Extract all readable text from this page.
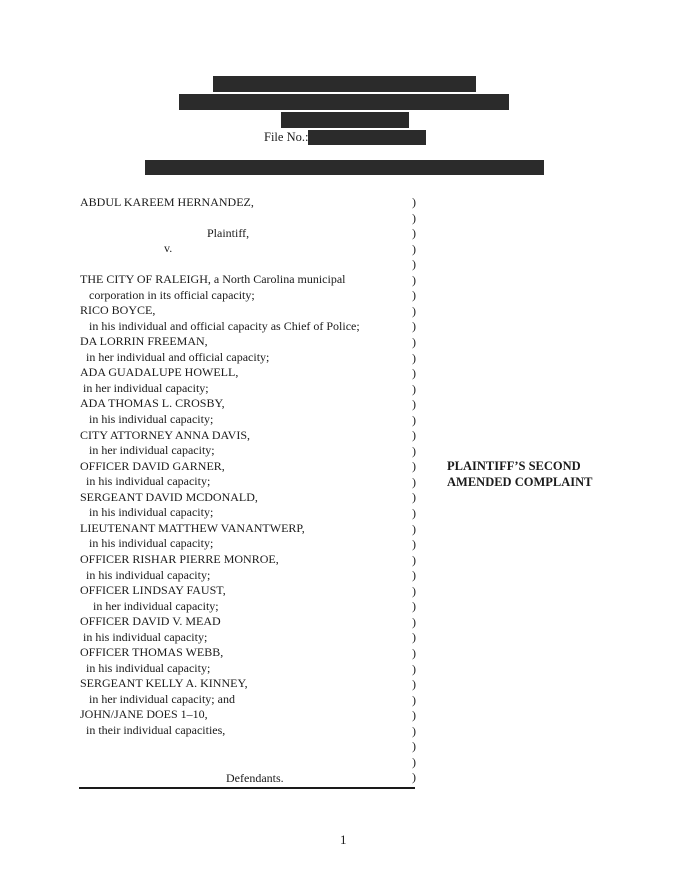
File No.:
ABDUL KAREEM HERNANDEZ,
Plaintiff,
v.
THE CITY OF RALEIGH, a North Carolina municipal
corporation in its official capacity;
RICO BOYCE,
in his individual and official capacity as Chief of Police;
DA LORRIN FREEMAN,
in her individual and official capacity;
ADA GUADALUPE HOWELL,
in her individual capacity;
ADA THOMAS L. CROSBY,
in his individual capacity;
CITY ATTORNEY ANNA DAVIS,
in her individual capacity;
OFFICER DAVID GARNER,
in his individual capacity;
SERGEANT DAVID MCDONALD,
in his individual capacity;
LIEUTENANT MATTHEW VANANTWERP,
in his individual capacity;
OFFICER RISHAR PIERRE MONROE,
in his individual capacity;
OFFICER LINDSAY FAUST,
in her individual capacity;
OFFICER DAVID V. MEAD
in his individual capacity;
OFFICER THOMAS WEBB,
in his individual capacity;
SERGEANT KELLY A. KINNEY,
in her individual capacity; and
JOHN/JANE DOES 1–10,
in their individual capacities,
Defendants.
)
)
)
)
)
)
)
)
)
)
)
)
)
)
)
)
)
)
)
)
)
)
)
)
)
)
)
)
)
)
)
)
)
)
)
)
)
)
PLAINTIFF’S SECOND
AMENDED COMPLAINT
1
